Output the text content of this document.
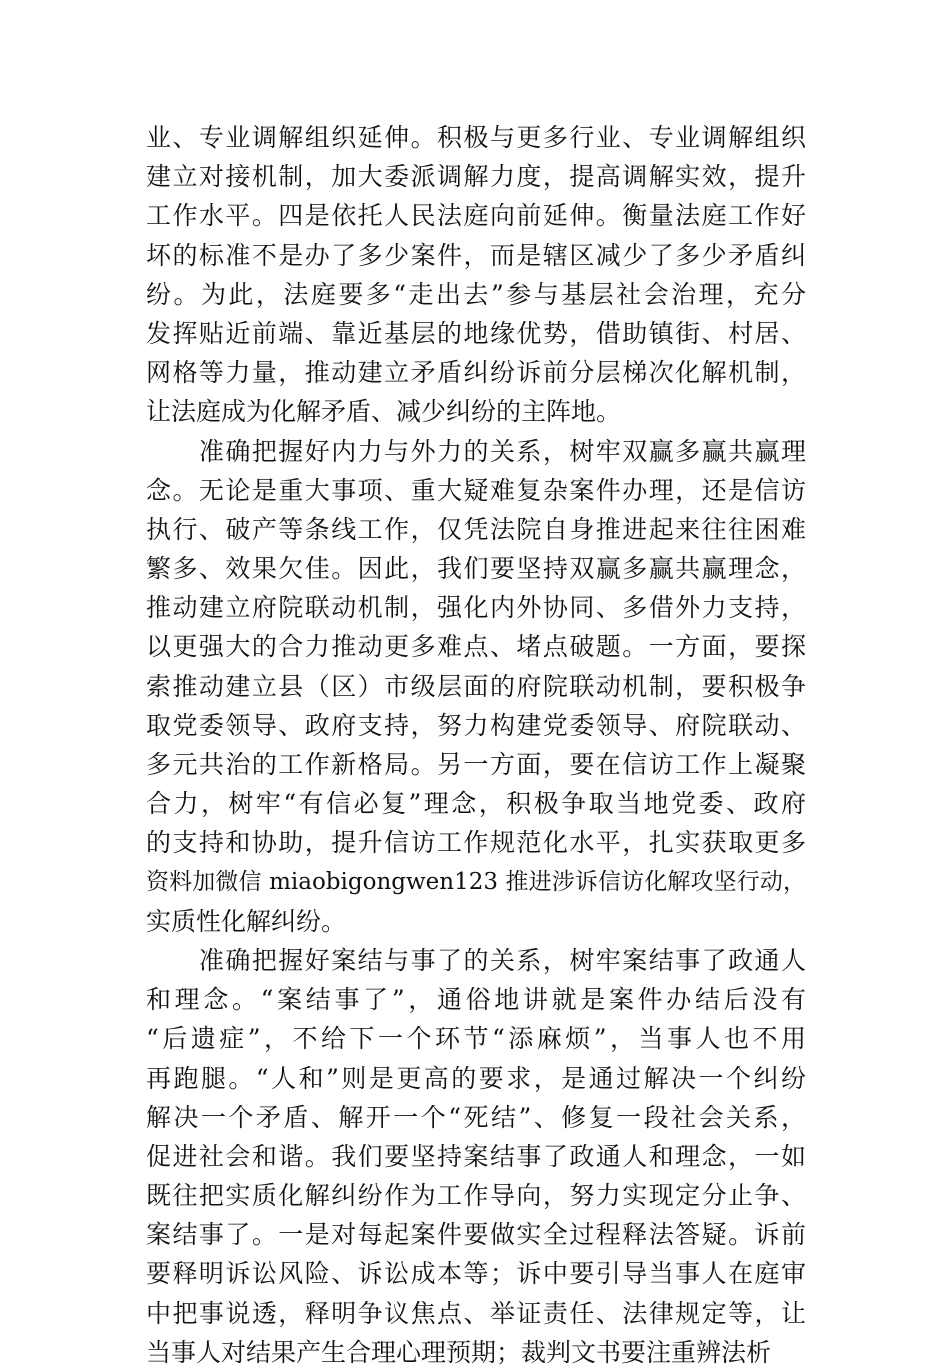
业、专业调解组织延伸。积极与更多行业、专业调解组织
建立对接机制，加大委派调解力度，提高调解实效，提升
工作水平。四是依托人民法庭向前延伸。衡量法庭工作好
坏的标准不是办了多少案件，而是辖区减少了多少矛盾纠
纷。为此，法庭要多“走出去”参与基层社会治理，充分
发挥贴近前端、靠近基层的地缘优势，借助镇街、村居、
网格等力量，推动建立矛盾纠纷诉前分层梯次化解机制，
让法庭成为化解矛盾、减少纠纷的主阵地。
　　准确把握好内力与外力的关系，树牢双赢多赢共赢理
念。无论是重大事项、重大疑难复杂案件办理，还是信访
执行、破产等条线工作，仅凭法院自身推进起来往往困难
繁多、效果欠佳。因此，我们要坚持双赢多赢共赢理念，
推动建立府院联动机制，强化内外协同、多借外力支持，
以更强大的合力推动更多难点、堵点破题。一方面，要探
索推动建立县（区）市级层面的府院联动机制，要积极争
取党委领导、政府支持，努力构建党委领导、府院联动、
多元共治的工作新格局。另一方面，要在信访工作上凝聚
合力，树牢“有信必复”理念，积极争取当地党委、政府
的支持和协助，提升信访工作规范化水平，扎实获取更多
资料加微信 miaobigongwen123 推进涉诉信访化解攻坚行动，
实质性化解纠纷。
　　准确把握好案结与事了的关系，树牢案结事了政通人
和理念。“案结事了”，通俗地讲就是案件办结后没有
“后遗症”，不给下一个环节“添麻烦”，当事人也不用
再跑腿。“人和”则是更高的要求，是通过解决一个纠纷
解决一个矛盾、解开一个“死结”、修复一段社会关系，
促进社会和谐。我们要坚持案结事了政通人和理念，一如
既往把实质化解纠纷作为工作导向，努力实现定分止争、
案结事了。一是对每起案件要做实全过程释法答疑。诉前
要释明诉讼风险、诉讼成本等；诉中要引导当事人在庭审
中把事说透，释明争议焦点、举证责任、法律规定等，让
当事人对结果产生合理心理预期；裁判文书要注重辨法析
